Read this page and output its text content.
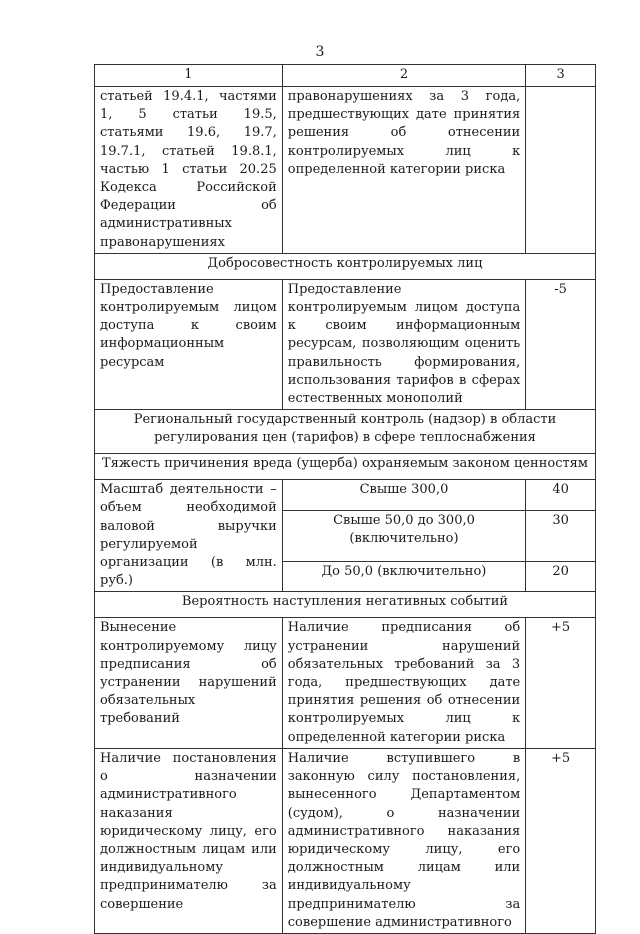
3
1	2	3
статьей 19.4.1, частями 1, 5 статьи 19.5, статьями 19.6, 19.7, 19.7.1, статьей 19.8.1, частью 1 статьи 20.25 Кодекса Российской Федерации об административных правонарушениях	правонарушениях за 3 года, предшествующих дате принятия решения об отнесении контролируемых лиц к определенной категории риска	
Добросовестность контролируемых лиц		
Предоставление контролируемым лицом доступа к своим информационным ресурсам	Предоставление контролируемым лицом доступа к своим информационным ресурсам, позволяющим оценить правильность формирования, использования тарифов в сферах естественных монополий	-5
Региональный государственный контроль (надзор) в области регулирования цен (тарифов) в сфере теплоснабжения		
Тяжесть причинения вреда (ущерба) охраняемым законом ценностям		
Масштаб деятельности – объем необходимой валовой выручки регулируемой организации (в млн. руб.)	Свыше 300,0	40
	Свыше 50,0 до 300,0 (включительно)	30
	До 50,0 (включительно)	20
Вероятность наступления негативных событий		
Вынесение контролируемому лицу предписания об устранении нарушений обязательных требований	Наличие предписания об устранении нарушений обязательных требований за 3 года, предшествующих дате принятия решения об отнесении контролируемых лиц к определенной категории риска	+5
Наличие постановления о назначении административного наказания юридическому лицу, его должностным лицам или индивидуальному предпринимателю за совершение	Наличие вступившего в законную силу постановления, вынесенного Департаментом (судом), о назначении административного наказания юридическому лицу, его должностным лицам или индивидуальному предпринимателю за совершение административного	+5
